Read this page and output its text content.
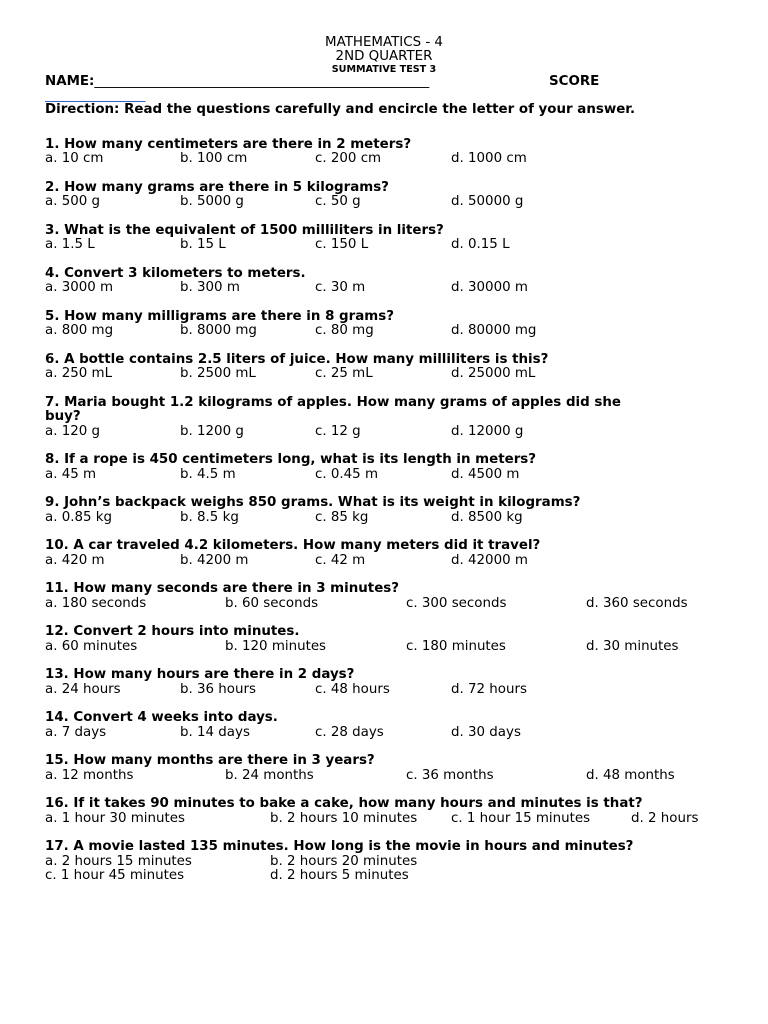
MATHEMATICS - 4
2ND QUARTER
SUMMATIVE TEST 3
NAME:__________________________________________________	SCORE
_______________
Direction: Read the questions carefully and encircle the letter of your answer.
1. How many centimeters are there in 2 meters?
a. 10 cm	b. 100 cm	c. 200 cm	d. 1000 cm
2. How many grams are there in 5 kilograms?
a. 500 g	b. 5000 g	c. 50 g	d. 50000 g
3. What is the equivalent of 1500 milliliters in liters?
a. 1.5 L	b. 15 L	c. 150 L	d. 0.15 L
4. Convert 3 kilometers to meters.
a. 3000 m	b. 300 m	c. 30 m	d. 30000 m
5. How many milligrams are there in 8 grams?
a. 800 mg	b. 8000 mg	c. 80 mg	d. 80000 mg
6. A bottle contains 2.5 liters of juice. How many milliliters is this?
a. 250 mL	b. 2500 mL	c. 25 mL	d. 25000 mL
7. Maria bought 1.2 kilograms of apples. How many grams of apples did she
buy?
a. 120 g	b. 1200 g	c. 12 g	d. 12000 g
8. If a rope is 450 centimeters long, what is its length in meters?
a. 45 m	b. 4.5 m	c. 0.45 m	d. 4500 m
9. John’s backpack weighs 850 grams. What is its weight in kilograms?
a. 0.85 kg	b. 8.5 kg	c. 85 kg	d. 8500 kg
10. A car traveled 4.2 kilometers. How many meters did it travel?
a. 420 m	b. 4200 m	c. 42 m	d. 42000 m
11. How many seconds are there in 3 minutes?
a. 180 seconds	b. 60 seconds	c. 300 seconds	d. 360 seconds
12. Convert 2 hours into minutes.
a. 60 minutes	b. 120 minutes	c. 180 minutes	d. 30 minutes
13. How many hours are there in 2 days?
a. 24 hours	b. 36 hours	c. 48 hours	d. 72 hours
14. Convert 4 weeks into days.
a. 7 days	b. 14 days	c. 28 days	d. 30 days
15. How many months are there in 3 years?
a. 12 months	b. 24 months	c. 36 months	d. 48 months
16. If it takes 90 minutes to bake a cake, how many hours and minutes is that?
a. 1 hour 30 minutes	b. 2 hours 10 minutes	c. 1 hour 15 minutes	d. 2 hours
17. A movie lasted 135 minutes. How long is the movie in hours and minutes?
a. 2 hours 15 minutes	b. 2 hours 20 minutes
c. 1 hour 45 minutes	d. 2 hours 5 minutes
